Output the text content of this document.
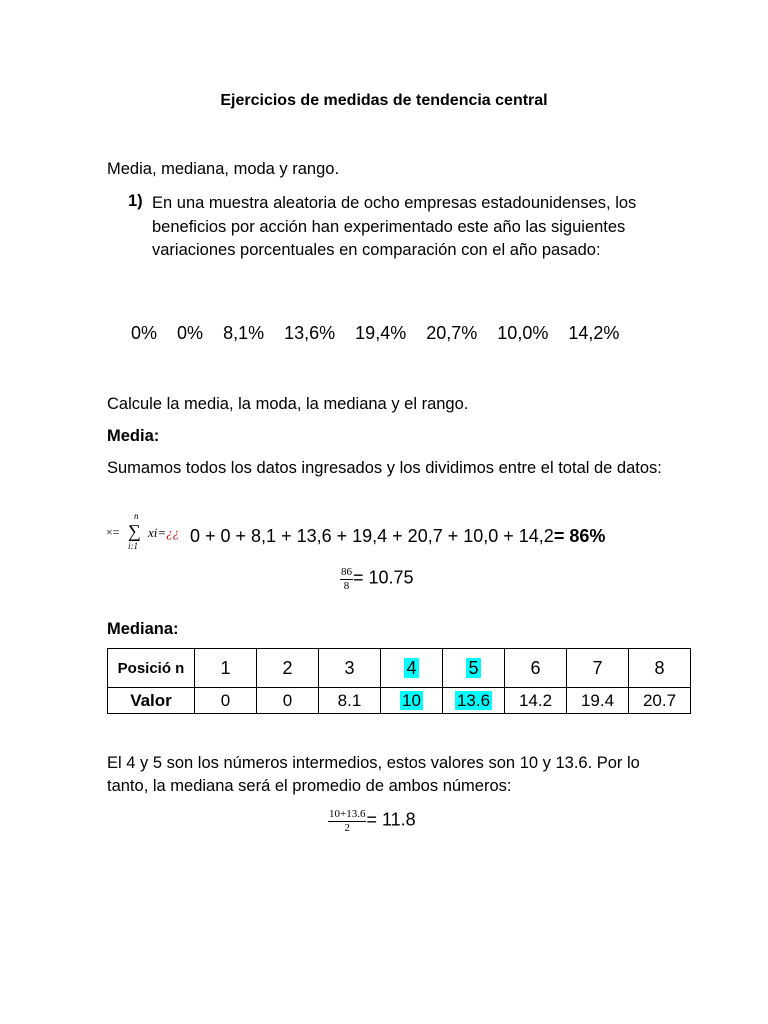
Ejercicios de medidas de tendencia central
Media, mediana, moda y rango.
1) En una muestra aleatoria de ocho empresas estadounidenses, los beneficios por acción han experimentado este año las siguientes variaciones porcentuales en comparación con el año pasado:
0% 0% 8,1% 13,6% 19,4% 20,7% 10,0% 14,2%
Calcule la media, la moda, la mediana y el rango.
Media:
Sumamos todos los datos ingresados y los dividimos entre el total de datos:
×=
n
∑
i:1
xi=¿¿ 0 + 0 + 8,1 + 13,6 + 19,4 + 20,7 + 10,0 + 14,2= 86%
$\frac{86}{8} = 10.75$
Mediana:
Posició n	1	2	3	4	5	6	7	8
Valor	0	0	8.1	10	13.6	14.2	19.4	20.7
El 4 y 5 son los números intermedios, estos valores son 10 y 13.6. Por lo tanto, la mediana será el promedio de ambos números:
$\frac{10+13.6}{2} = 11.8$
